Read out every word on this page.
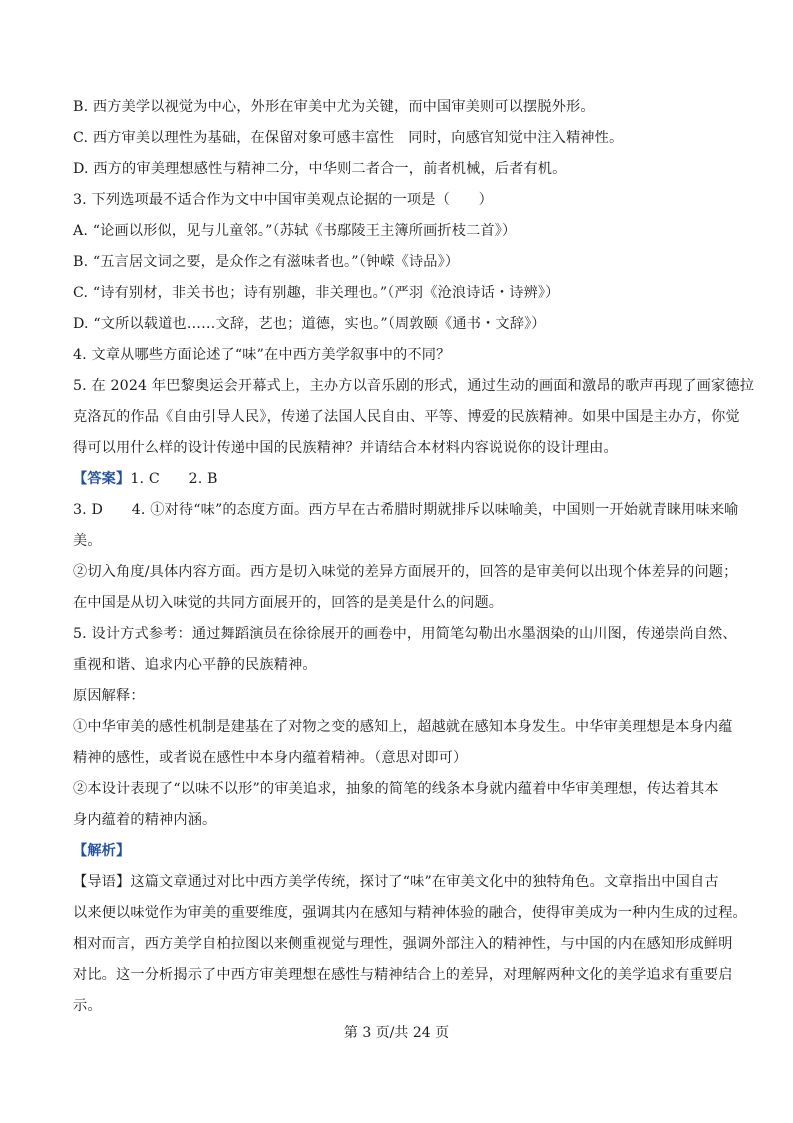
B. 西方美学以视觉为中心，外形在审美中尤为关键，而中国审美则可以摆脱外形。
C. 西方审美以理性为基础，在保留对象可感丰富性　同时，向感官知觉中注入精神性。
D. 西方的审美理想感性与精神二分，中华则二者合一，前者机械，后者有机。
3. 下列选项最不适合作为文中中国审美观点论据的一项是（　　）
A. “论画以形似，见与儿童邻。”（苏轼《书鄢陵王主簿所画折枝二首》）
B. “五言居文词之要，是众作之有滋味者也。”（钟嵘《诗品》）
C. “诗有别材，非关书也；诗有别趣，非关理也。”（严羽《沧浪诗话・诗辨》）
D. “文所以载道也……文辞，艺也；道德，实也。”（周敦颐《通书・文辞》）
4. 文章从哪些方面论述了“味”在中西方美学叙事中的不同？
5. 在 2024 年巴黎奥运会开幕式上，主办方以音乐剧的形式，通过生动的画面和激昂的歌声再现了画家德拉
克洛瓦的作品《自由引导人民》，传递了法国人民自由、平等、博爱的民族精神。如果中国是主办方，你觉
得可以用什么样的设计传递中国的民族精神？并请结合本材料内容说说你的设计理由。
【答案】1. C　　2. B
3. D　　4. ①对待“味”的态度方面。西方早在古希腊时期就排斥以味喻美，中国则一开始就青睐用味来喻
美。
②切入角度/具体内容方面。西方是切入味觉的差异方面展开的，回答的是审美何以出现个体差异的问题；
在中国是从切入味觉的共同方面展开的，回答的是美是什么的问题。
5. 设计方式参考：通过舞蹈演员在徐徐展开的画卷中，用简笔勾勒出水墨洇染的山川图，传递崇尚自然、
重视和谐、追求内心平静的民族精神。
原因解释：
①中华审美的感性机制是建基在了对物之变的感知上，超越就在感知本身发生。中华审美理想是本身内蕴
精神的感性，或者说在感性中本身内蕴着精神。（意思对即可）
②本设计表现了“以味不以形”的审美追求，抽象的简笔的线条本身就内蕴着中华审美理想，传达着其本
身内蕴着的精神内涵。
【解析】
【导语】这篇文章通过对比中西方美学传统，探讨了“味”在审美文化中的独特角色。文章指出中国自古
以来便以味觉作为审美的重要维度，强调其内在感知与精神体验的融合，使得审美成为一种内生成的过程。
相对而言，西方美学自柏拉图以来侧重视觉与理性，强调外部注入的精神性，与中国的内在感知形成鲜明
对比。这一分析揭示了中西方审美理想在感性与精神结合上的差异，对理解两种文化的美学追求有重要启
示。
第 3 页/共 24 页
